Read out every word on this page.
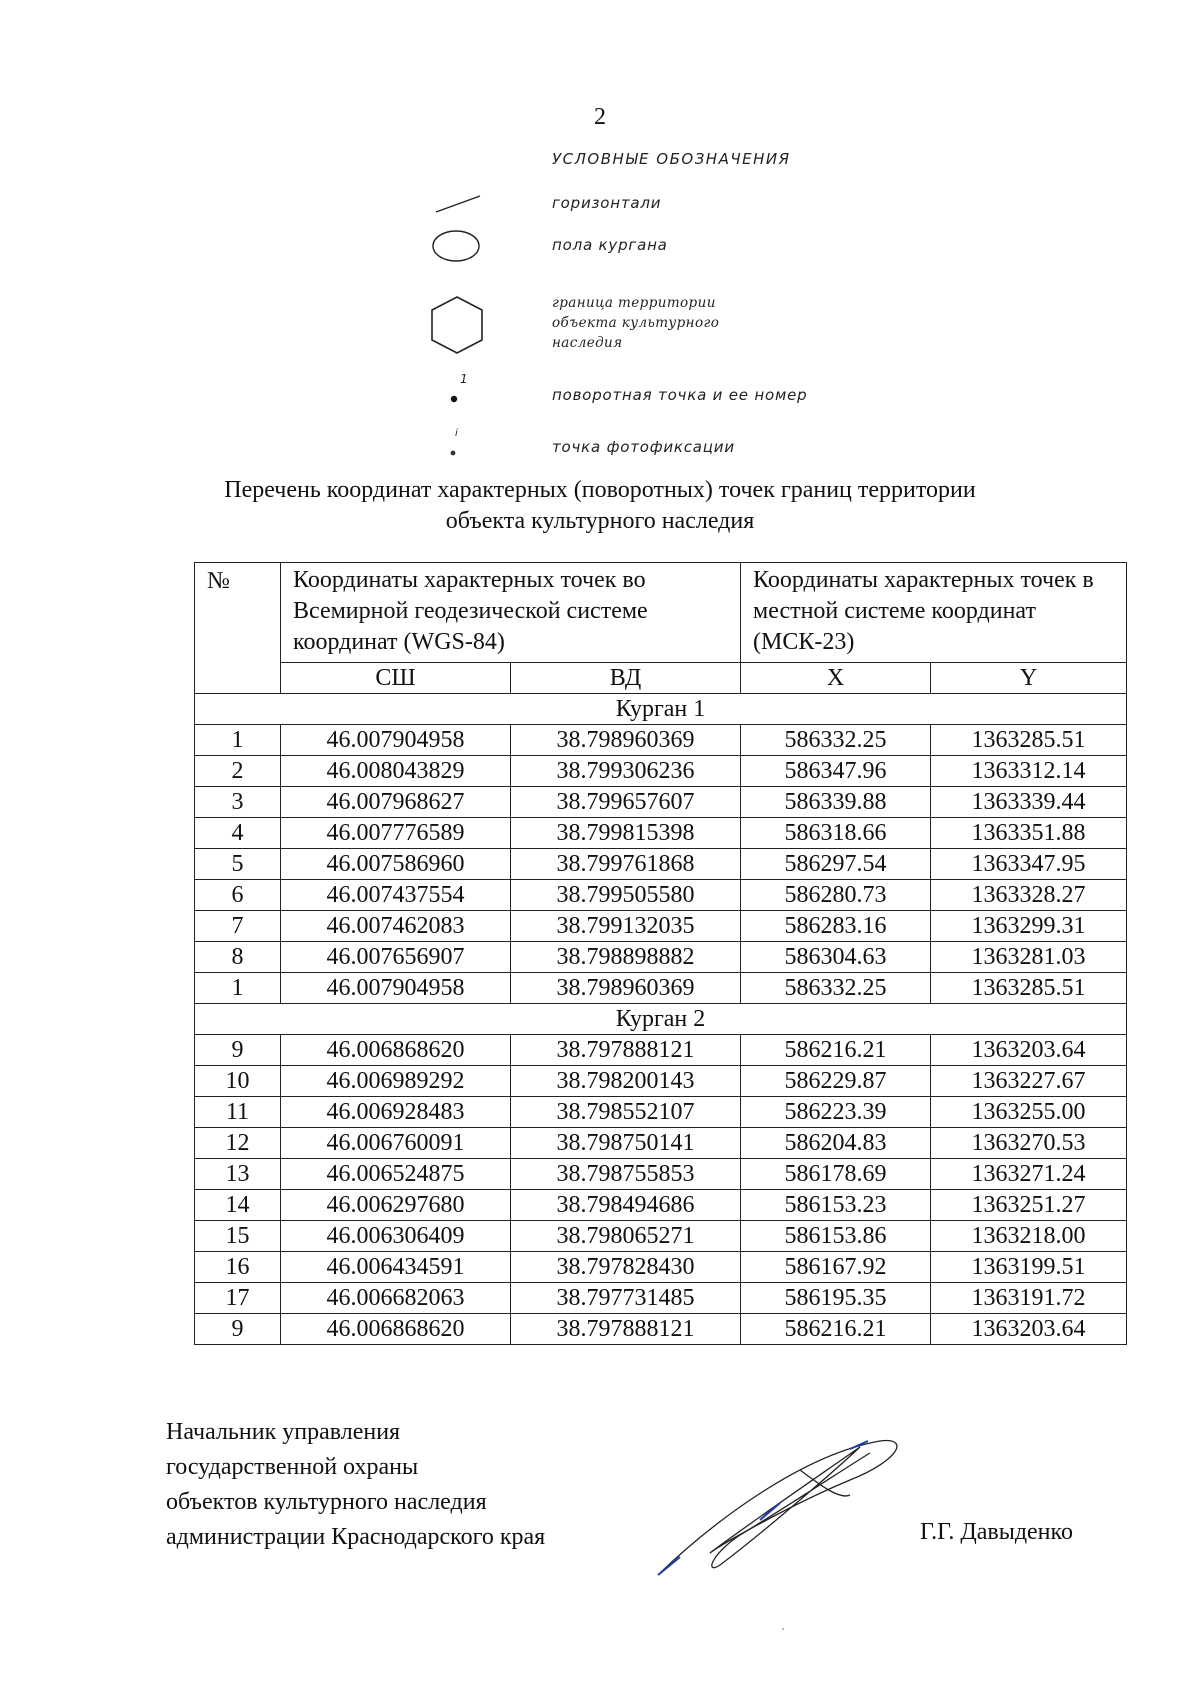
2
УСЛОВНЫЕ ОБОЗНАЧЕНИЯ
горизонтали
пола кургана
граница территории
объекта культурного
наследия
1
поворотная точка и ее номер
i
точка фотофиксации
Перечень координат характерных (поворотных) точек границ территории
объекта культурного наследия
№	Координаты характерных точек во Всемирной геодезической системе координат (WGS-84)		Координаты характерных точек в местной системе координат (МСК-23)	
	СШ	ВД	X	Y
Курган 1				
1	46.007904958	38.798960369	586332.25	1363285.51
2	46.008043829	38.799306236	586347.96	1363312.14
3	46.007968627	38.799657607	586339.88	1363339.44
4	46.007776589	38.799815398	586318.66	1363351.88
5	46.007586960	38.799761868	586297.54	1363347.95
6	46.007437554	38.799505580	586280.73	1363328.27
7	46.007462083	38.799132035	586283.16	1363299.31
8	46.007656907	38.798898882	586304.63	1363281.03
1	46.007904958	38.798960369	586332.25	1363285.51
Курган 2				
9	46.006868620	38.797888121	586216.21	1363203.64
10	46.006989292	38.798200143	586229.87	1363227.67
11	46.006928483	38.798552107	586223.39	1363255.00
12	46.006760091	38.798750141	586204.83	1363270.53
13	46.006524875	38.798755853	586178.69	1363271.24
14	46.006297680	38.798494686	586153.23	1363251.27
15	46.006306409	38.798065271	586153.86	1363218.00
16	46.006434591	38.797828430	586167.92	1363199.51
17	46.006682063	38.797731485	586195.35	1363191.72
9	46.006868620	38.797888121	586216.21	1363203.64
Начальник управления
государственной охраны
объектов культурного наследия
администрации Краснодарского края	Г.Г. Давыденко
